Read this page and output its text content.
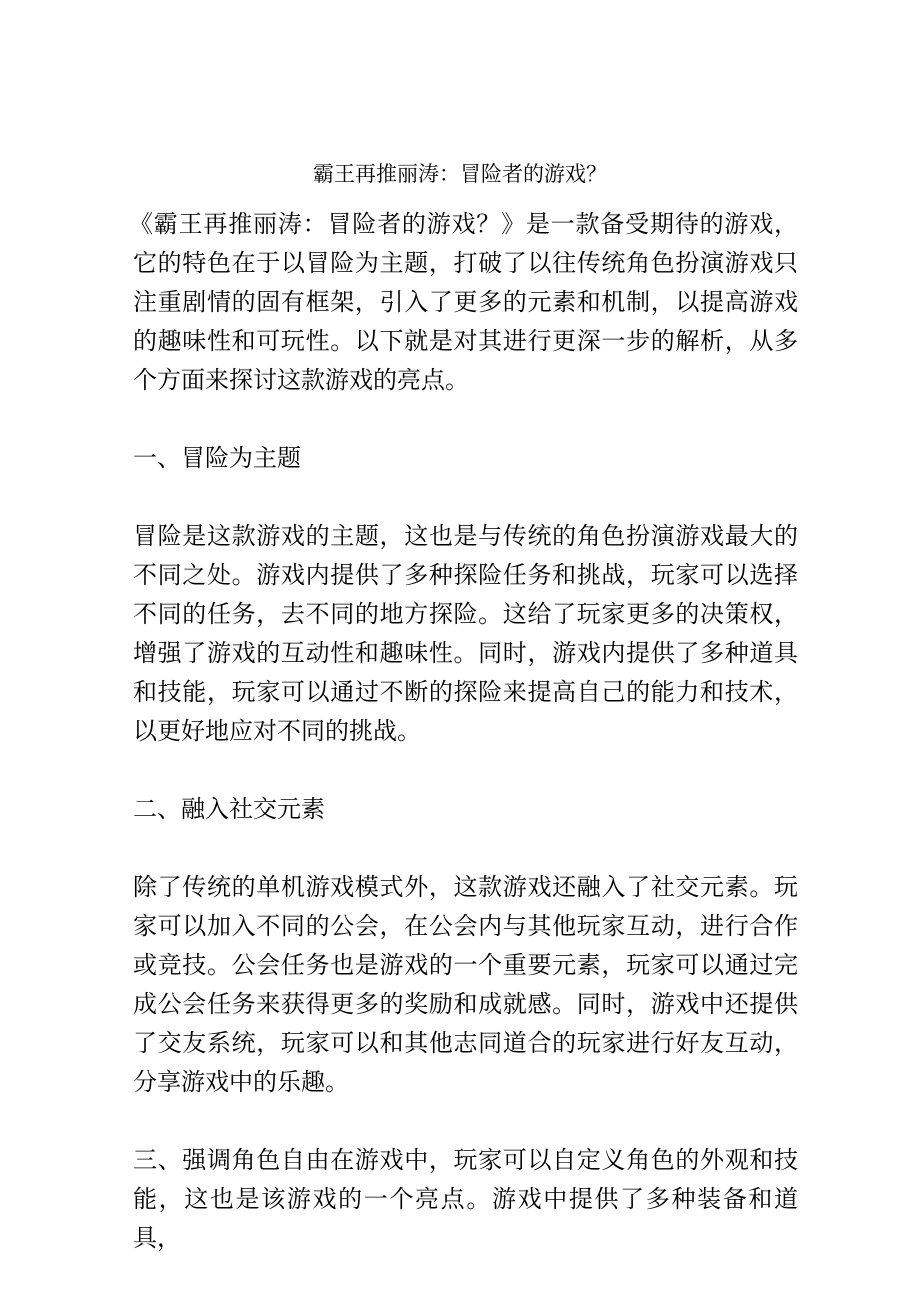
霸王再推丽涛：冒险者的游戏？

《霸王再推丽涛：冒险者的游戏？》是一款备受期待的游戏，它的特色在于以冒险为主题，打破了以往传统角色扮演游戏只注重剧情的固有框架，引入了更多的元素和机制，以提高游戏的趣味性和可玩性。以下就是对其进行更深一步的解析，从多个方面来探讨这款游戏的亮点。

一、冒险为主题

冒险是这款游戏的主题，这也是与传统的角色扮演游戏最大的不同之处。游戏内提供了多种探险任务和挑战，玩家可以选择不同的任务，去不同的地方探险。这给了玩家更多的决策权，增强了游戏的互动性和趣味性。同时，游戏内提供了多种道具和技能，玩家可以通过不断的探险来提高自己的能力和技术，以更好地应对不同的挑战。

二、融入社交元素

除了传统的单机游戏模式外，这款游戏还融入了社交元素。玩家可以加入不同的公会，在公会内与其他玩家互动，进行合作或竞技。公会任务也是游戏的一个重要元素，玩家可以通过完成公会任务来获得更多的奖励和成就感。同时，游戏中还提供了交友系统，玩家可以和其他志同道合的玩家进行好友互动，分享游戏中的乐趣。

三、强调角色自由在游戏中，玩家可以自定义角色的外观和技能，这也是该游戏的一个亮点。游戏中提供了多种装备和道具，
